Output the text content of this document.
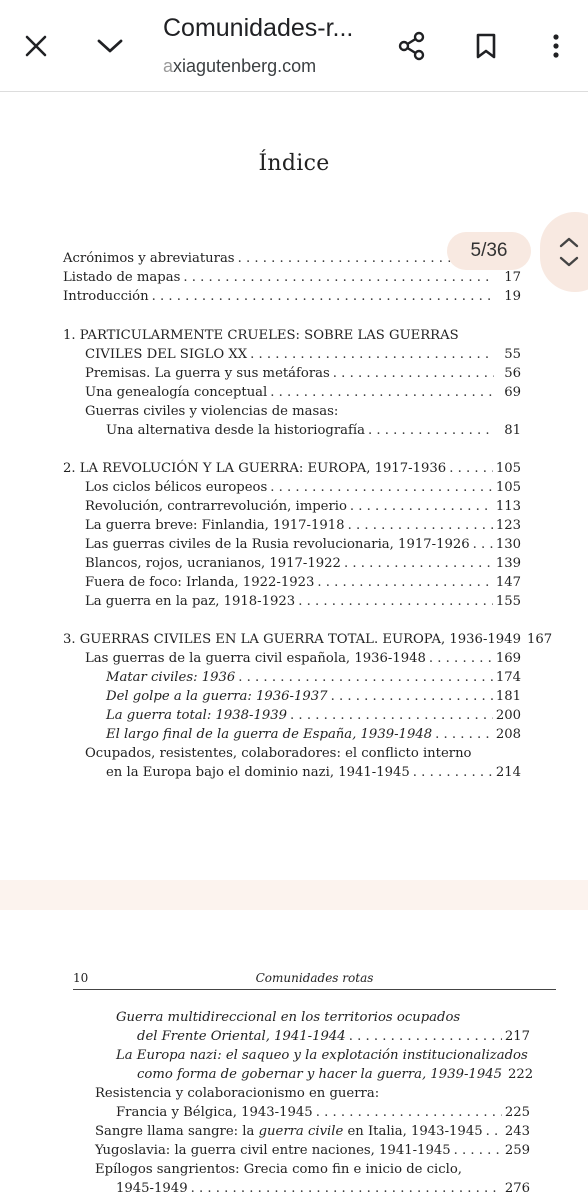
Comunidades-r...
axiagutenberg.com
Índice
Acrónimos y abreviaturas
. . .
Listado de mapas . . .	17
Introducción . . .	19
1. PARTICULARMENTE CRUELES: SOBRE LAS GUERRAS
CIVILES DEL SIGLO XX . . .	55
Premisas. La guerra y sus metáforas . . .	56
Una genealogía conceptual . . .	69
Guerras civiles y violencias de masas:
Una alternativa desde la historiografía . . .	81
2. LA REVOLUCIÓN Y LA GUERRA: EUROPA, 1917-1936 . . .	105
Los ciclos bélicos europeos . . .	105
Revolución, contrarrevolución, imperio . . .	113
La guerra breve: Finlandia, 1917-1918 . . .	123
Las guerras civiles de la Rusia revolucionaria, 1917-1926 . . . 130
Blancos, rojos, ucranianos, 1917-1922 . . .	139
Fuera de foco: Irlanda, 1922-1923 . . .	147
La guerra en la paz, 1918-1923 . . .	155
3. GUERRAS CIVILES EN LA GUERRA TOTAL. EUROPA, 1936-1949 167
Las guerras de la guerra civil española, 1936-1948 . . .	169
Matar civiles: 1936 . . .	174
Del golpe a la guerra: 1936-1937 . . .	181
La guerra total: 1938-1939 . . .	200
El largo final de la guerra de España, 1939-1948 . . .	208
Ocupados, resistentes, colaboradores: el conflicto interno
en la Europa bajo el dominio nazi, 1941-1945 . . .	214
5/36
10	Comunidades rotas
Guerra multidireccional en los territorios ocupados
del Frente Oriental, 1941-1944 . . .	217
La Europa nazi: el saqueo y la explotación institucionalizados
como forma de gobernar y hacer la guerra, 1939-1945 222
Resistencia y colaboracionismo en guerra:
Francia y Bélgica, 1943-1945 . . .	225
Sangre llama sangre: la guerra civile en Italia, 1943-1945 . . . 243
Yugoslavia: la guerra civil entre naciones, 1941-1945 . . .	259
Epílogos sangrientos: Grecia como fin e inicio de ciclo,
1945-1949 . . .	276
